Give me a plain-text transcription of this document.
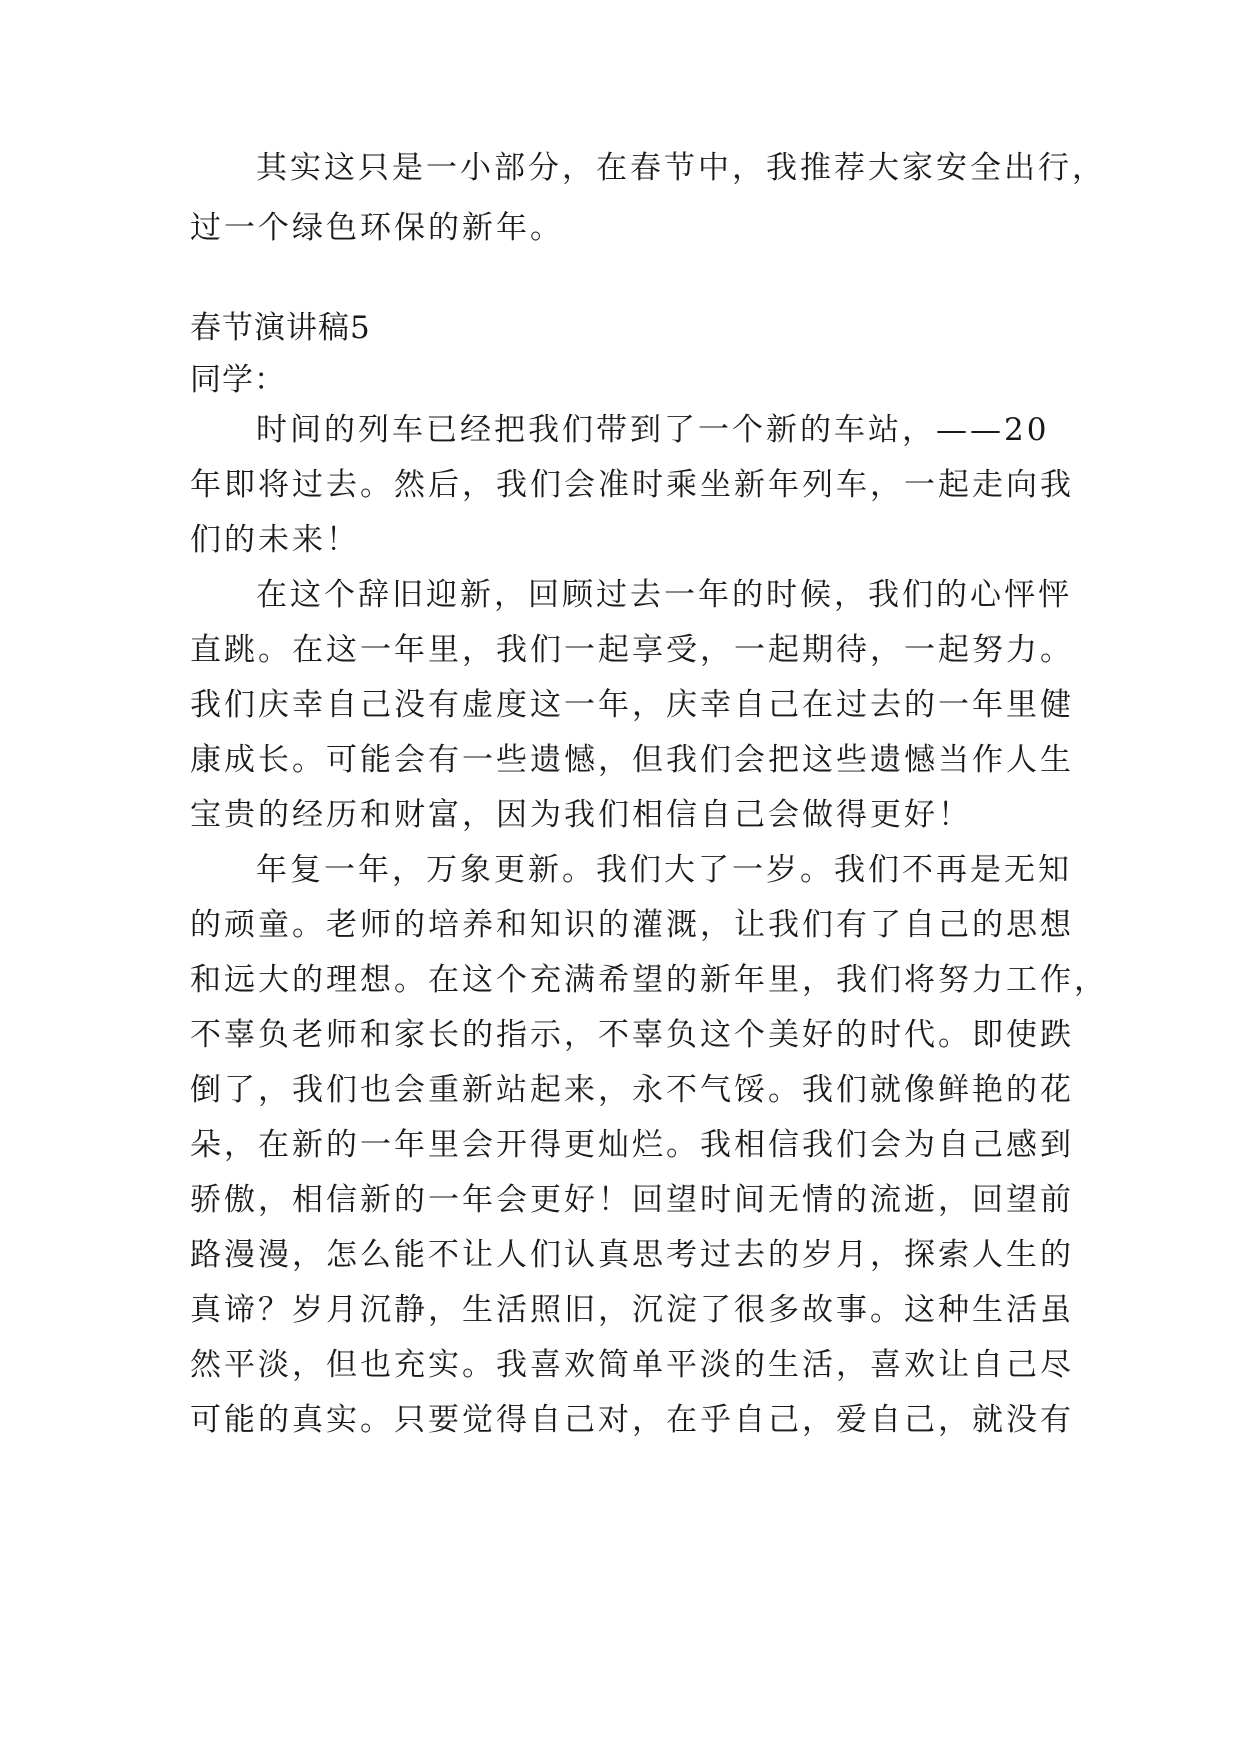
其实这只是一小部分，在春节中，我推荐大家安全出行，
过一个绿色环保的新年。
春节演讲稿5
同学：
时间的列车已经把我们带到了一个新的车站，——20
年即将过去。然后，我们会准时乘坐新年列车，一起走向我
们的未来！
在这个辞旧迎新，回顾过去一年的时候，我们的心怦怦
直跳。在这一年里，我们一起享受，一起期待，一起努力。
我们庆幸自己没有虚度这一年，庆幸自己在过去的一年里健
康成长。可能会有一些遗憾，但我们会把这些遗憾当作人生
宝贵的经历和财富，因为我们相信自己会做得更好！
年复一年，万象更新。我们大了一岁。我们不再是无知
的顽童。老师的培养和知识的灌溉，让我们有了自己的思想
和远大的理想。在这个充满希望的新年里，我们将努力工作，
不辜负老师和家长的指示，不辜负这个美好的时代。即使跌
倒了，我们也会重新站起来，永不气馁。我们就像鲜艳的花
朵，在新的一年里会开得更灿烂。我相信我们会为自己感到
骄傲，相信新的一年会更好！回望时间无情的流逝，回望前
路漫漫，怎么能不让人们认真思考过去的岁月，探索人生的
真谛？岁月沉静，生活照旧，沉淀了很多故事。这种生活虽
然平淡，但也充实。我喜欢简单平淡的生活，喜欢让自己尽
可能的真实。只要觉得自己对，在乎自己，爱自己，就没有
